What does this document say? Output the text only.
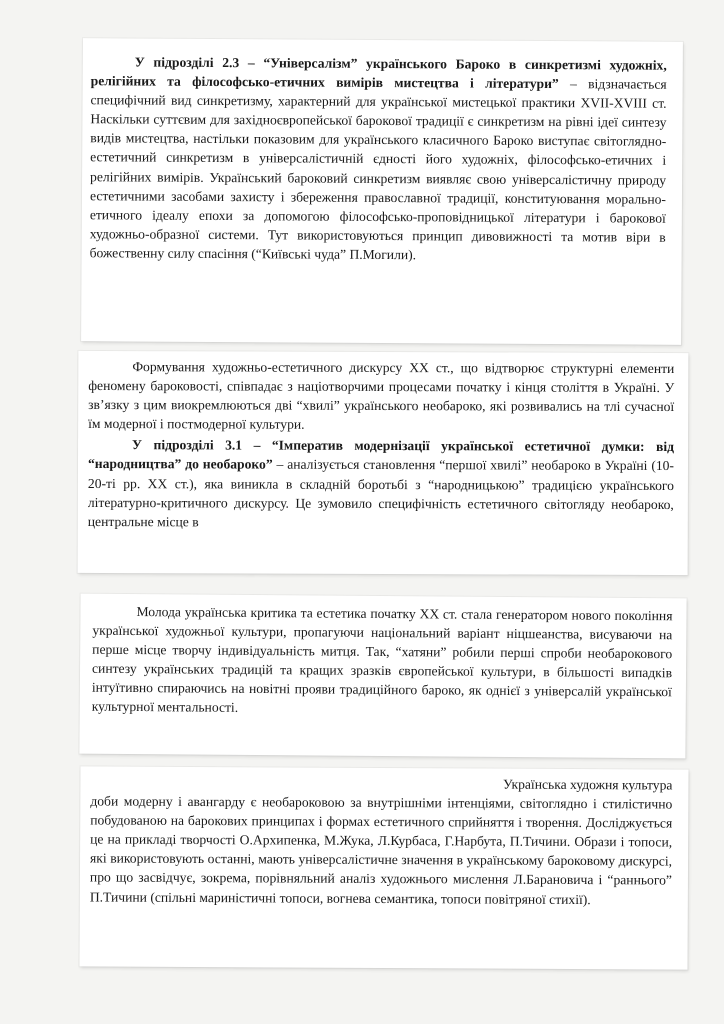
У підрозділі 2.3 – “Універсалізм” українського Бароко в синкретизмі художніх, релігійних та філософсько-етичних вимірів мистецтва і літератури” – відзначається специфічний вид синкретизму, характерний для української мистецької практики XVII-XVIII ст. Наскільки суттєвим для західноєвропейської барокової традиції є синкретизм на рівні ідеї синтезу видів мистецтва, настільки показовим для українського класичного Бароко виступає світоглядно-естетичний синкретизм в універсалістичній єдності його художніх, філософсько-етичних і релігійних вимірів. Український бароковий синкретизм виявляє свою універсалістичну природу естетичними засобами захисту і збереження православної традиції, конституювання морально-етичного ідеалу епохи за допомогою філософсько-проповідницької літератури і барокової художньо-образної системи. Тут використовуються принцип дивовижності та мотив віри в божественну силу спасіння (“Київські чуда” П.Могили).

Формування художньо-естетичного дискурсу ХХ ст., що відтворює структурні елементи феномену бароковості, співпадає з націотворчими процесами початку і кінця століття в Україні. У зв’язку з цим виокремлюються дві “хвилі” українського необароко, які розвивались на тлі сучасної їм модерної і постмодерної культури.

У підрозділі 3.1 – “Імператив модернізації української естетичної думки: від “народництва” до необароко” – аналізується становлення “першої хвилі” необароко в Україні (10-20-ті рр. ХХ ст.), яка виникла в складній боротьбі з “народницькою” традицією українського літературно-критичного дискурсу. Це зумовило специфічність естетичного світогляду необароко, центральне місце в

Молода українська критика та естетика початку ХХ ст. стала генератором нового покоління української художньої культури, пропагуючи національний варіант ніцшеанства, висуваючи на перше місце творчу індивідуальність митця. Так, “хатяни” робили перші спроби необарокового синтезу українських традицій та кращих зразків європейської культури, в більшості випадків інтуїтивно спираючись на новітні прояви традиційного бароко, як однієї з універсалій української культурної ментальності.

Українська художня культура

доби модерну і авангарду є необароковою за внутрішніми інтенціями, світоглядно і стилістично побудованою на барокових принципах і формах естетичного сприйняття і творення. Досліджується це на прикладі творчості О.Архипенка, М.Жука, Л.Курбаса, Г.Нарбута, П.Тичини. Образи і топоси, які використовують останні, мають універсалістичне значення в українському бароковому дискурсі, про що засвідчує, зокрема, порівняльний аналіз художнього мислення Л.Барановича і “раннього” П.Тичини (спільні мариністичні топоси, вогнева семантика, топоси повітряної стихії).
